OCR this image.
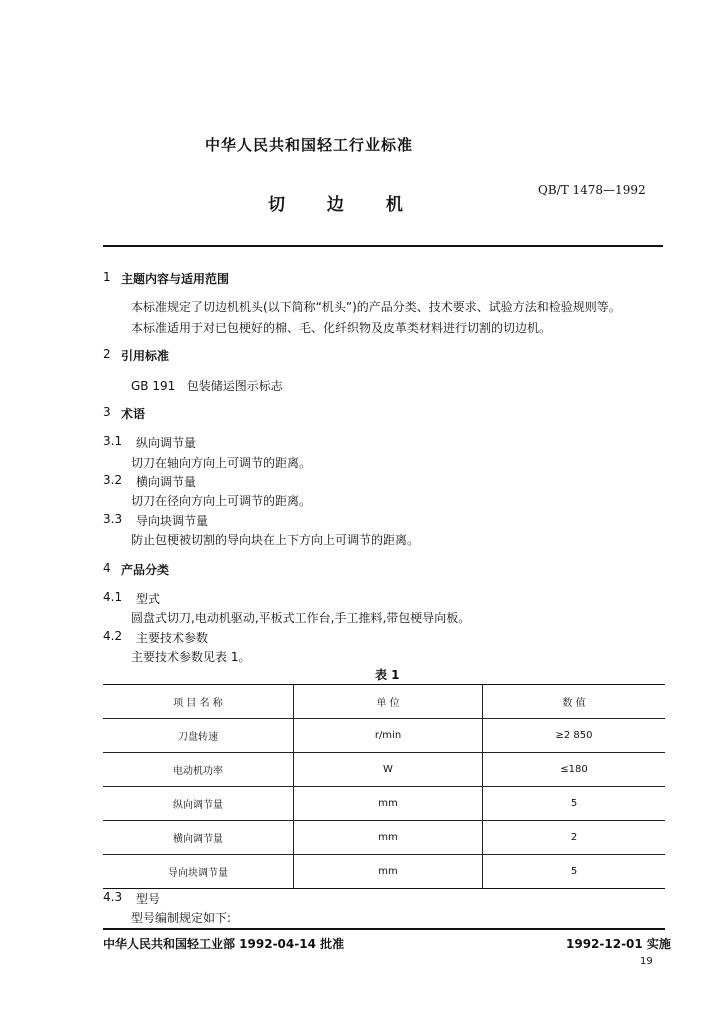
中华人民共和国轻工行业标准
切 边 机
QB/T 1478—1992
1 主题内容与适用范围
本标准规定了切边机机头(以下简称“机头”)的产品分类、技术要求、试验方法和检验规则等。
本标准适用于对已包梗好的棉、毛、化纤织物及皮革类材料进行切割的切边机。
2 引用标准
GB 191   包装储运图示标志
3 术语
3.1 纵向调节量
切刀在轴向方向上可调节的距离。
3.2 横向调节量
切刀在径向方向上可调节的距离。
3.3 导向块调节量
防止包梗被切割的导向块在上下方向上可调节的距离。
4 产品分类
4.1 型式
圆盘式切刀,电动机驱动,平板式工作台,手工推料,带包梗导向板。
4.2 主要技术参数
主要技术参数见表 1。
表 1
项 目 名 称	单 位	数 值
刀盘转速	r/min	≥2 850
电动机功率	W	≤180
纵向调节量	mm	5
横向调节量	mm	2
导向块调节量	mm	5
4.3 型号
型号编制规定如下:
中华人民共和国轻工业部 1992-04-14 批准	1992-12-01 实施
19
